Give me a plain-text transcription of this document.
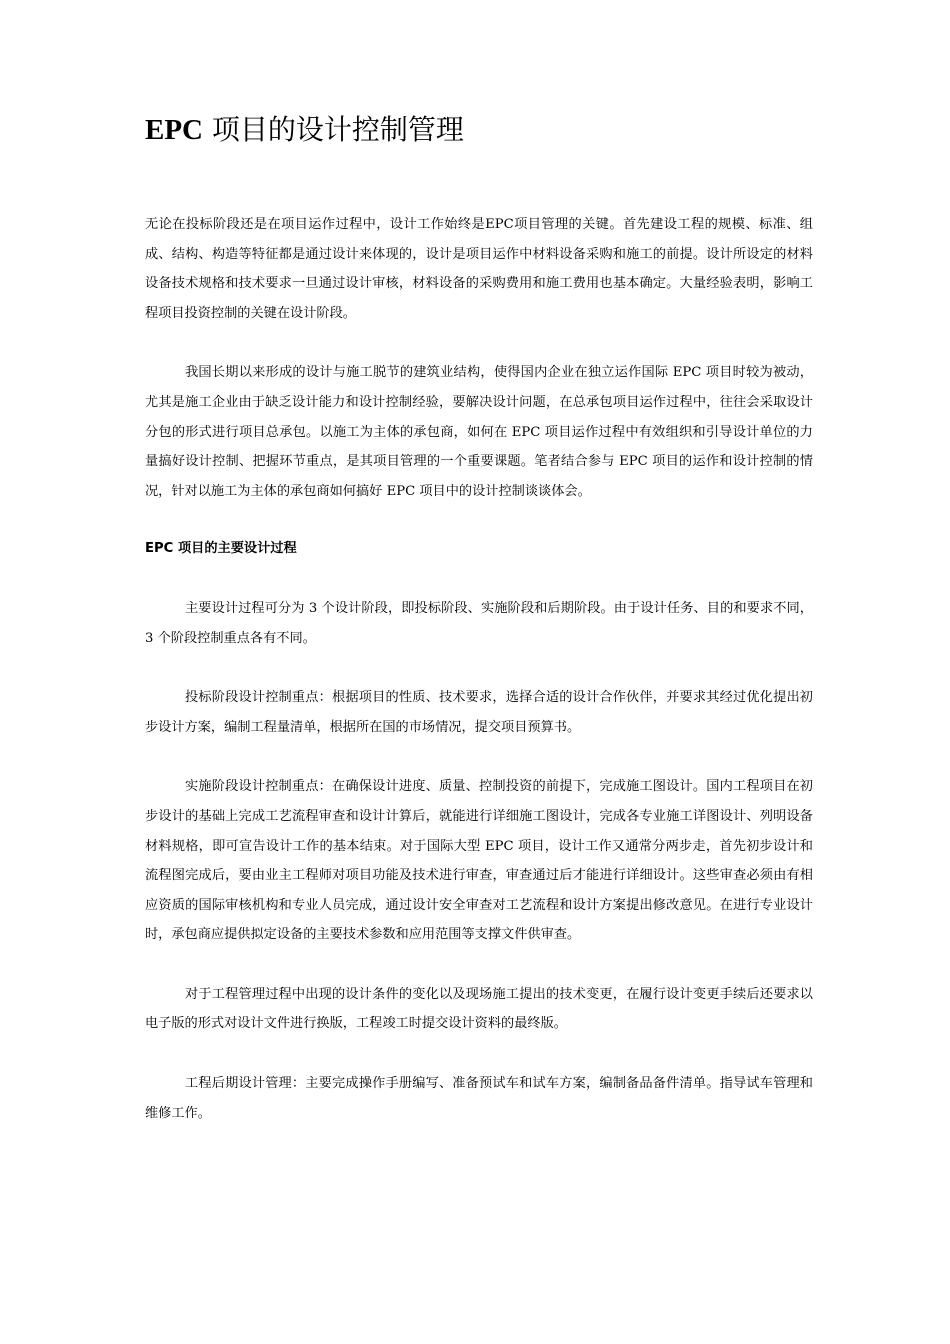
EPC 项目的设计控制管理

无论在投标阶段还是在项目运作过程中，设计工作始终是EPC项目管理的关键。首先建设工程的规模、标准、组成、结构、构造等特征都是通过设计来体现的，设计是项目运作中材料设备采购和施工的前提。设计所设定的材料设备技术规格和技术要求一旦通过设计审核，材料设备的采购费用和施工费用也基本确定。大量经验表明，影响工程项目投资控制的关键在设计阶段。

我国长期以来形成的设计与施工脱节的建筑业结构，使得国内企业在独立运作国际 EPC 项目时较为被动，尤其是施工企业由于缺乏设计能力和设计控制经验，要解决设计问题，在总承包项目运作过程中，往往会采取设计分包的形式进行项目总承包。以施工为主体的承包商，如何在 EPC 项目运作过程中有效组织和引导设计单位的力量搞好设计控制、把握环节重点，是其项目管理的一个重要课题。笔者结合参与 EPC 项目的运作和设计控制的情况，针对以施工为主体的承包商如何搞好 EPC 项目中的设计控制谈谈体会。

EPC 项目的主要设计过程

主要设计过程可分为 3 个设计阶段，即投标阶段、实施阶段和后期阶段。由于设计任务、目的和要求不同，3 个阶段控制重点各有不同。

投标阶段设计控制重点：根据项目的性质、技术要求，选择合适的设计合作伙伴，并要求其经过优化提出初步设计方案，编制工程量清单，根据所在国的市场情况，提交项目预算书。

实施阶段设计控制重点：在确保设计进度、质量、控制投资的前提下，完成施工图设计。国内工程项目在初步设计的基础上完成工艺流程审查和设计计算后，就能进行详细施工图设计，完成各专业施工详图设计、列明设备材料规格，即可宣告设计工作的基本结束。对于国际大型 EPC 项目，设计工作又通常分两步走，首先初步设计和流程图完成后，要由业主工程师对项目功能及技术进行审查，审查通过后才能进行详细设计。这些审查必须由有相应资质的国际审核机构和专业人员完成，通过设计安全审查对工艺流程和设计方案提出修改意见。在进行专业设计时，承包商应提供拟定设备的主要技术参数和应用范围等支撑文件供审查。

对于工程管理过程中出现的设计条件的变化以及现场施工提出的技术变更，在履行设计变更手续后还要求以电子版的形式对设计文件进行换版，工程竣工时提交设计资料的最终版。

工程后期设计管理：主要完成操作手册编写、准备预试车和试车方案，编制备品备件清单。指导试车管理和维修工作。
